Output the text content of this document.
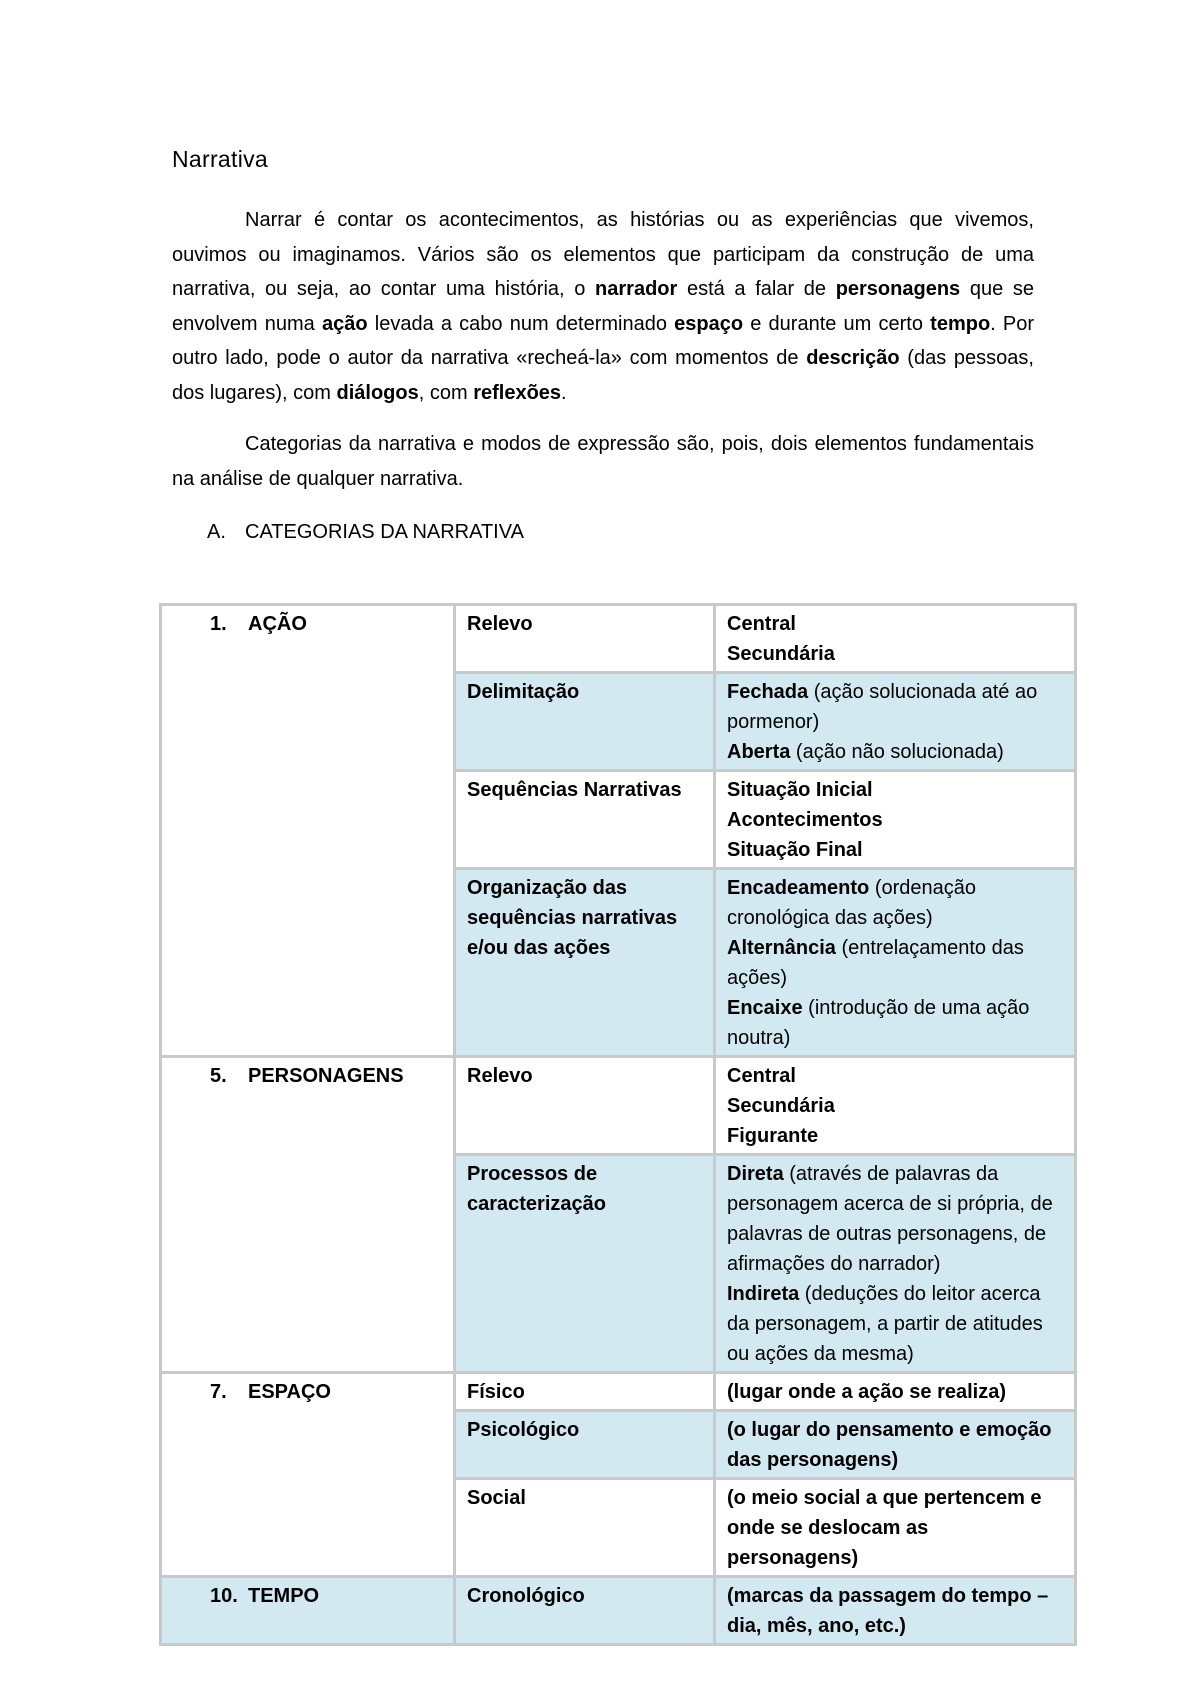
Narrativa

Narrar é contar os acontecimentos, as histórias ou as experiências que vivemos, ouvimos ou imaginamos. Vários são os elementos que participam da construção de uma narrativa, ou seja, ao contar uma história, o narrador está a falar de personagens que se envolvem numa ação levada a cabo num determinado espaço e durante um certo tempo. Por outro lado, pode o autor da narrativa «recheá-la» com momentos de descrição (das pessoas, dos lugares), com diálogos, com reflexões.

Categorias da narrativa e modos de expressão são, pois, dois elementos fundamentais na análise de qualquer narrativa.

A. CATEGORIAS DA NARRATIVA
1. AÇÃO	Relevo	Central
Secundária

	Delimitação	Fechada (ação solucionada até ao pormenor)
Aberta (ação não solucionada)

	Sequências Narrativas	Situação Inicial
Acontecimentos
Situação Final

	Organização das sequências narrativas e/ou das ações	Encadeamento (ordenação cronológica das ações)
Alternância (entrelaçamento das ações)
Encaixe (introdução de uma ação noutra)

5. PERSONAGENS	Relevo	Central
Secundária
Figurante

	Processos de caracterização	Direta (através de palavras da personagem acerca de si própria, de palavras de outras personagens, de afirmações do narrador)
Indireta (deduções do leitor acerca da personagem, a partir de atitudes ou ações da mesma)

7. ESPAÇO	Físico	(lugar onde a ação se realiza)

	Psicológico	(o lugar do pensamento e emoção das personagens)

	Social	(o meio social a que pertencem e onde se deslocam as personagens)

10. TEMPO	Cronológico	(marcas da passagem do tempo – dia, mês, ano, etc.)
